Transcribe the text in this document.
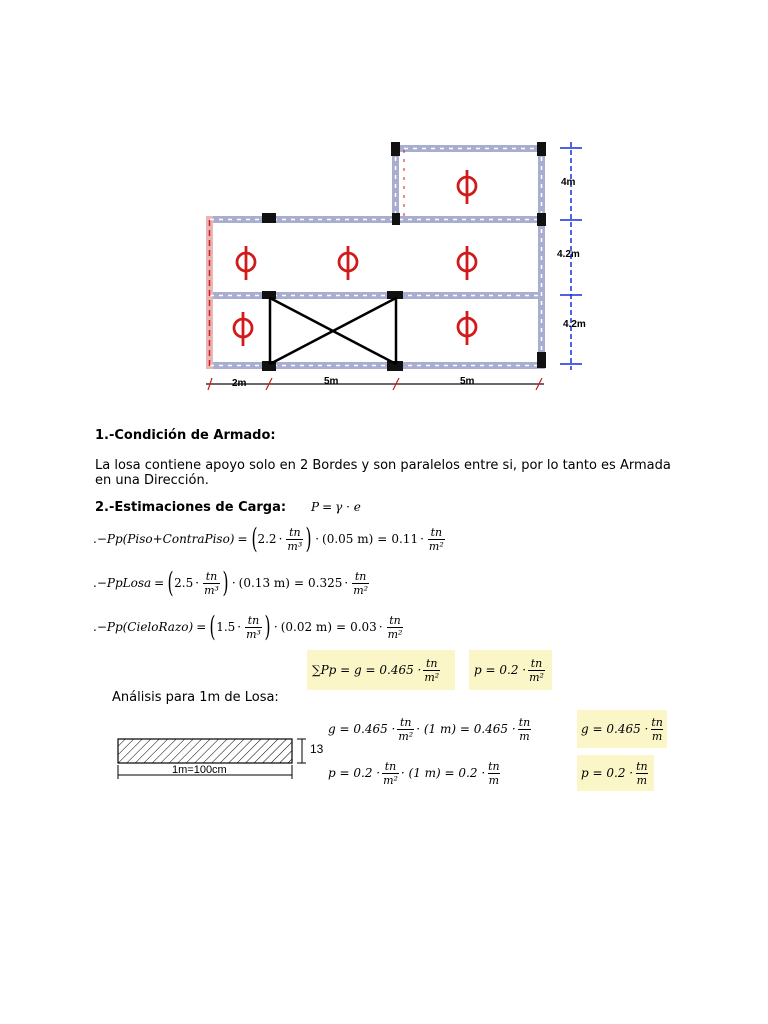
4m
4.2m
4.2m
2m	5m	5m
1.-Condición de Armado:
La losa contiene apoyo solo en 2 Bordes y son paralelos entre si, por lo tanto es Armada
en una Dirección.
2.-Estimaciones de Carga: P = γ · e
.−Pp(Piso+ContraPiso) = ( $2.2 \cdot \frac{tn}{\text{m³}}$ ) · (0.05 $m) = 0.11 \cdot \frac{tn}{\text{m²}}$
.−PpLosa = ( $2.5 \cdot \frac{tn}{\text{m³}}$ ) · (0.13 $m) = 0.325 \cdot \frac{tn}{\text{m²}}$
.−Pp(CieloRazo) = ( $1.5 \cdot \frac{tn}{\text{m³}}$ ) · (0.02 $m) = 0.03 \cdot \frac{tn}{\text{m²}}$
$\sum Pp = g = 0.465 \cdot \frac{tn}{\text{m²}}$	$p = 0.2 \cdot \frac{tn}{\text{m²}}$
Análisis para 1m de Losa:
13
1m=100cm
$g = 0.465 \cdot \frac{tn}{\text{m²}} \cdot (1$ $m) = 0.465 \cdot \frac{tn}{m}$
$p = 0.2 \cdot \frac{tn}{\text{m²}} \cdot (1$ $m) = 0.2 \cdot \frac{tn}{m}$
$g = 0.465 \cdot \frac{tn}{m}$
$p = 0.2 \cdot \frac{tn}{m}$
